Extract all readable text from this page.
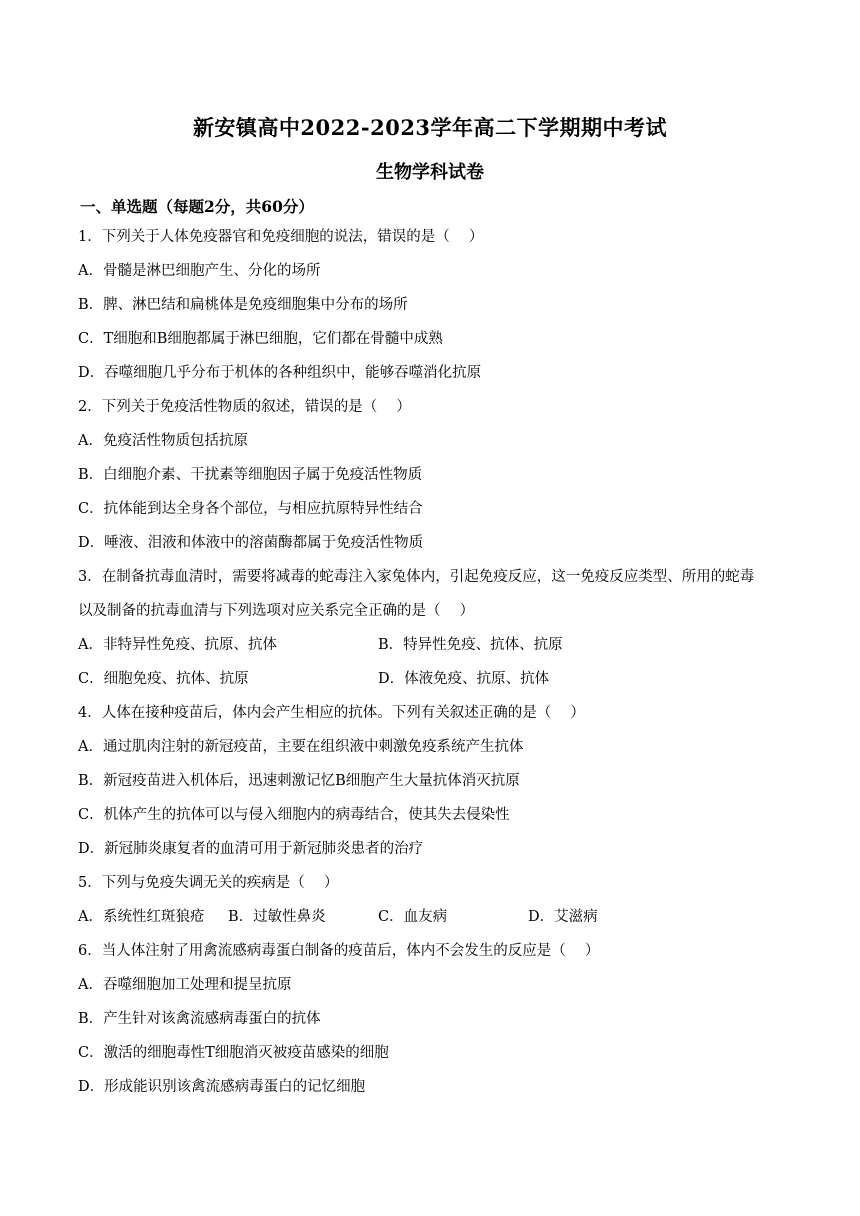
新安镇高中2022-2023学年高二下学期期中考试
生物学科试卷
一、单选题（每题2分，共60分）
1．下列关于人体免疫器官和免疫细胞的说法，错误的是（　 ）
A．骨髓是淋巴细胞产生、分化的场所
B．脾、淋巴结和扁桃体是免疫细胞集中分布的场所
C．T细胞和B细胞都属于淋巴细胞，它们都在骨髓中成熟
D．吞噬细胞几乎分布于机体的各种组织中，能够吞噬消化抗原
2．下列关于免疫活性物质的叙述，错误的是（　 ）
A．免疫活性物质包括抗原
B．白细胞介素、干扰素等细胞因子属于免疫活性物质
C．抗体能到达全身各个部位，与相应抗原特异性结合
D．唾液、泪液和体液中的溶菌酶都属于免疫活性物质
3．在制备抗毒血清时，需要将减毒的蛇毒注入家兔体内，引起免疫反应，这一免疫反应类型、所用的蛇毒
以及制备的抗毒血清与下列选项对应关系完全正确的是（　 ）
A．非特异性免疫、抗原、抗体	B．特异性免疫、抗体、抗原
C．细胞免疫、抗体、抗原	D．体液免疫、抗原、抗体
4．人体在接种疫苗后，体内会产生相应的抗体。下列有关叙述正确的是（　 ）
A．通过肌肉注射的新冠疫苗，主要在组织液中刺激免疫系统产生抗体
B．新冠疫苗进入机体后，迅速刺激记忆B细胞产生大量抗体消灭抗原
C．机体产生的抗体可以与侵入细胞内的病毒结合，使其失去侵染性
D．新冠肺炎康复者的血清可用于新冠肺炎患者的治疗
5．下列与免疫失调无关的疾病是（　 ）
A．系统性红斑狼疮	B．过敏性鼻炎	C．血友病	D．艾滋病
6．当人体注射了用禽流感病毒蛋白制备的疫苗后，体内不会发生的反应是（　 ）
A．吞噬细胞加工处理和提呈抗原
B．产生针对该禽流感病毒蛋白的抗体
C．激活的细胞毒性T细胞消灭被疫苗感染的细胞
D．形成能识别该禽流感病毒蛋白的记忆细胞
